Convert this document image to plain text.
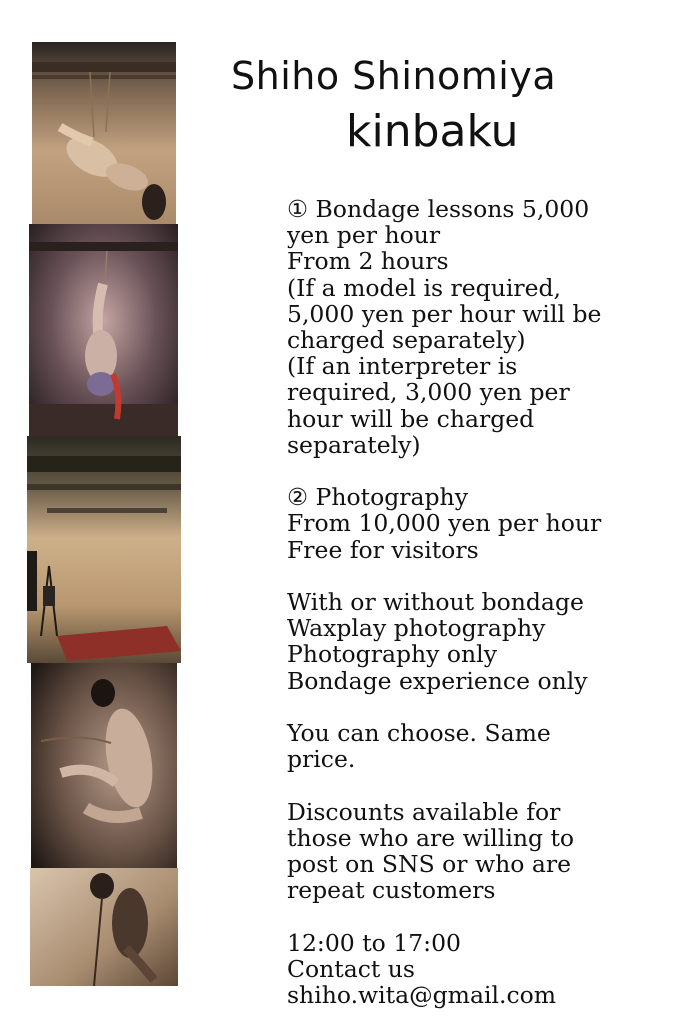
Shiho Shinomiya
kinbaku

① Bondage lessons 5,000

yen per hour

From 2 hours

(If a model is required,

5,000 yen per hour will be

charged separately)

(If an interpreter is

required, 3,000 yen per

hour will be charged

separately)

② Photography

From 10,000 yen per hour

Free for visitors

With or without bondage

Waxplay photography

Photography only

Bondage experience only

You can choose. Same

price.

Discounts available for

those who are willing to

post on SNS or who are

repeat customers

12:00 to 17:00

Contact us

shiho.wita@gmail.com
